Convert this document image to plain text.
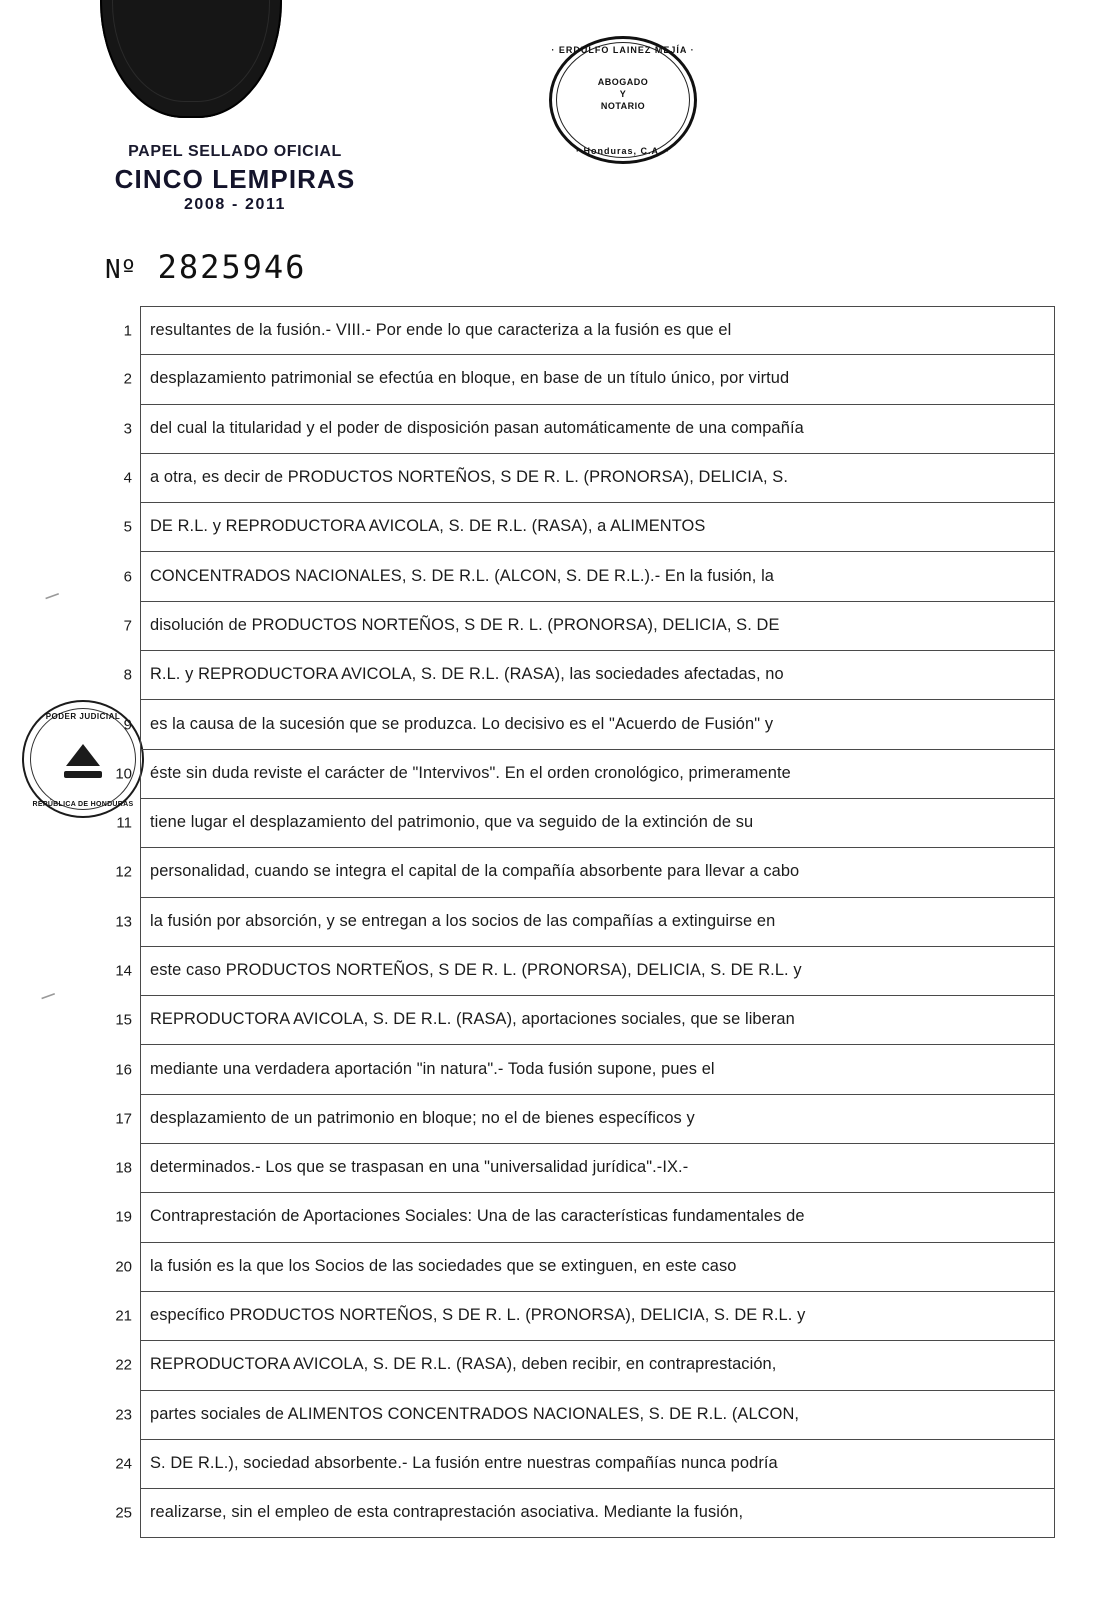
PAPEL SELLADO OFICIAL
CINCO LEMPIRAS
2008 - 2011
· ERDULFO LAINEZ MEJÍA ·
ABOGADO
Y
NOTARIO
· Honduras, C.A. ·
PODER JUDICIAL
REPÚBLICA DE HONDURAS
−
−
Nº 2825946
1 resultantes de la fusión.- VIII.- Por ende lo que caracteriza a la fusión es que el
2 desplazamiento patrimonial se efectúa en bloque, en base de un título único, por virtud
3 del cual la titularidad y el poder de disposición pasan automáticamente de una compañía
4 a otra, es decir de PRODUCTOS NORTEÑOS, S DE R. L. (PRONORSA), DELICIA, S.
5 DE R.L. y REPRODUCTORA AVICOLA, S. DE R.L. (RASA), a ALIMENTOS
6 CONCENTRADOS NACIONALES, S. DE R.L. (ALCON, S. DE R.L.).- En la fusión, la
7 disolución de PRODUCTOS NORTEÑOS, S DE R. L. (PRONORSA), DELICIA, S. DE
8 R.L. y REPRODUCTORA AVICOLA, S. DE R.L. (RASA), las sociedades afectadas, no
9 es la causa de la sucesión que se produzca. Lo decisivo es el "Acuerdo de Fusión" y
10 éste sin duda reviste el carácter de "Intervivos". En el orden cronológico, primeramente
11 tiene lugar el desplazamiento del patrimonio, que va seguido de la extinción de su
12 personalidad, cuando se integra el capital de la compañía absorbente para llevar a cabo
13 la fusión por absorción, y se entregan a los socios de las compañías a extinguirse en
14 este caso PRODUCTOS NORTEÑOS, S DE R. L. (PRONORSA), DELICIA, S. DE R.L. y
15 REPRODUCTORA AVICOLA, S. DE R.L. (RASA), aportaciones sociales, que se liberan
16 mediante una verdadera aportación "in natura".- Toda fusión supone, pues el
17 desplazamiento de un patrimonio en bloque; no el de bienes específicos y
18 determinados.- Los que se traspasan en una "universalidad jurídica".-IX.-
19 Contraprestación de Aportaciones Sociales: Una de las características fundamentales de
20 la fusión es la que los Socios de las sociedades que se extinguen, en este caso
21 específico PRODUCTOS NORTEÑOS, S DE R. L. (PRONORSA), DELICIA, S. DE R.L. y
22 REPRODUCTORA AVICOLA, S. DE R.L. (RASA), deben recibir, en contraprestación,
23 partes sociales de ALIMENTOS CONCENTRADOS NACIONALES, S. DE R.L. (ALCON,
24 S. DE R.L.), sociedad absorbente.- La fusión entre nuestras compañías nunca podría
25 realizarse, sin el empleo de esta contraprestación asociativa. Mediante la fusión,
